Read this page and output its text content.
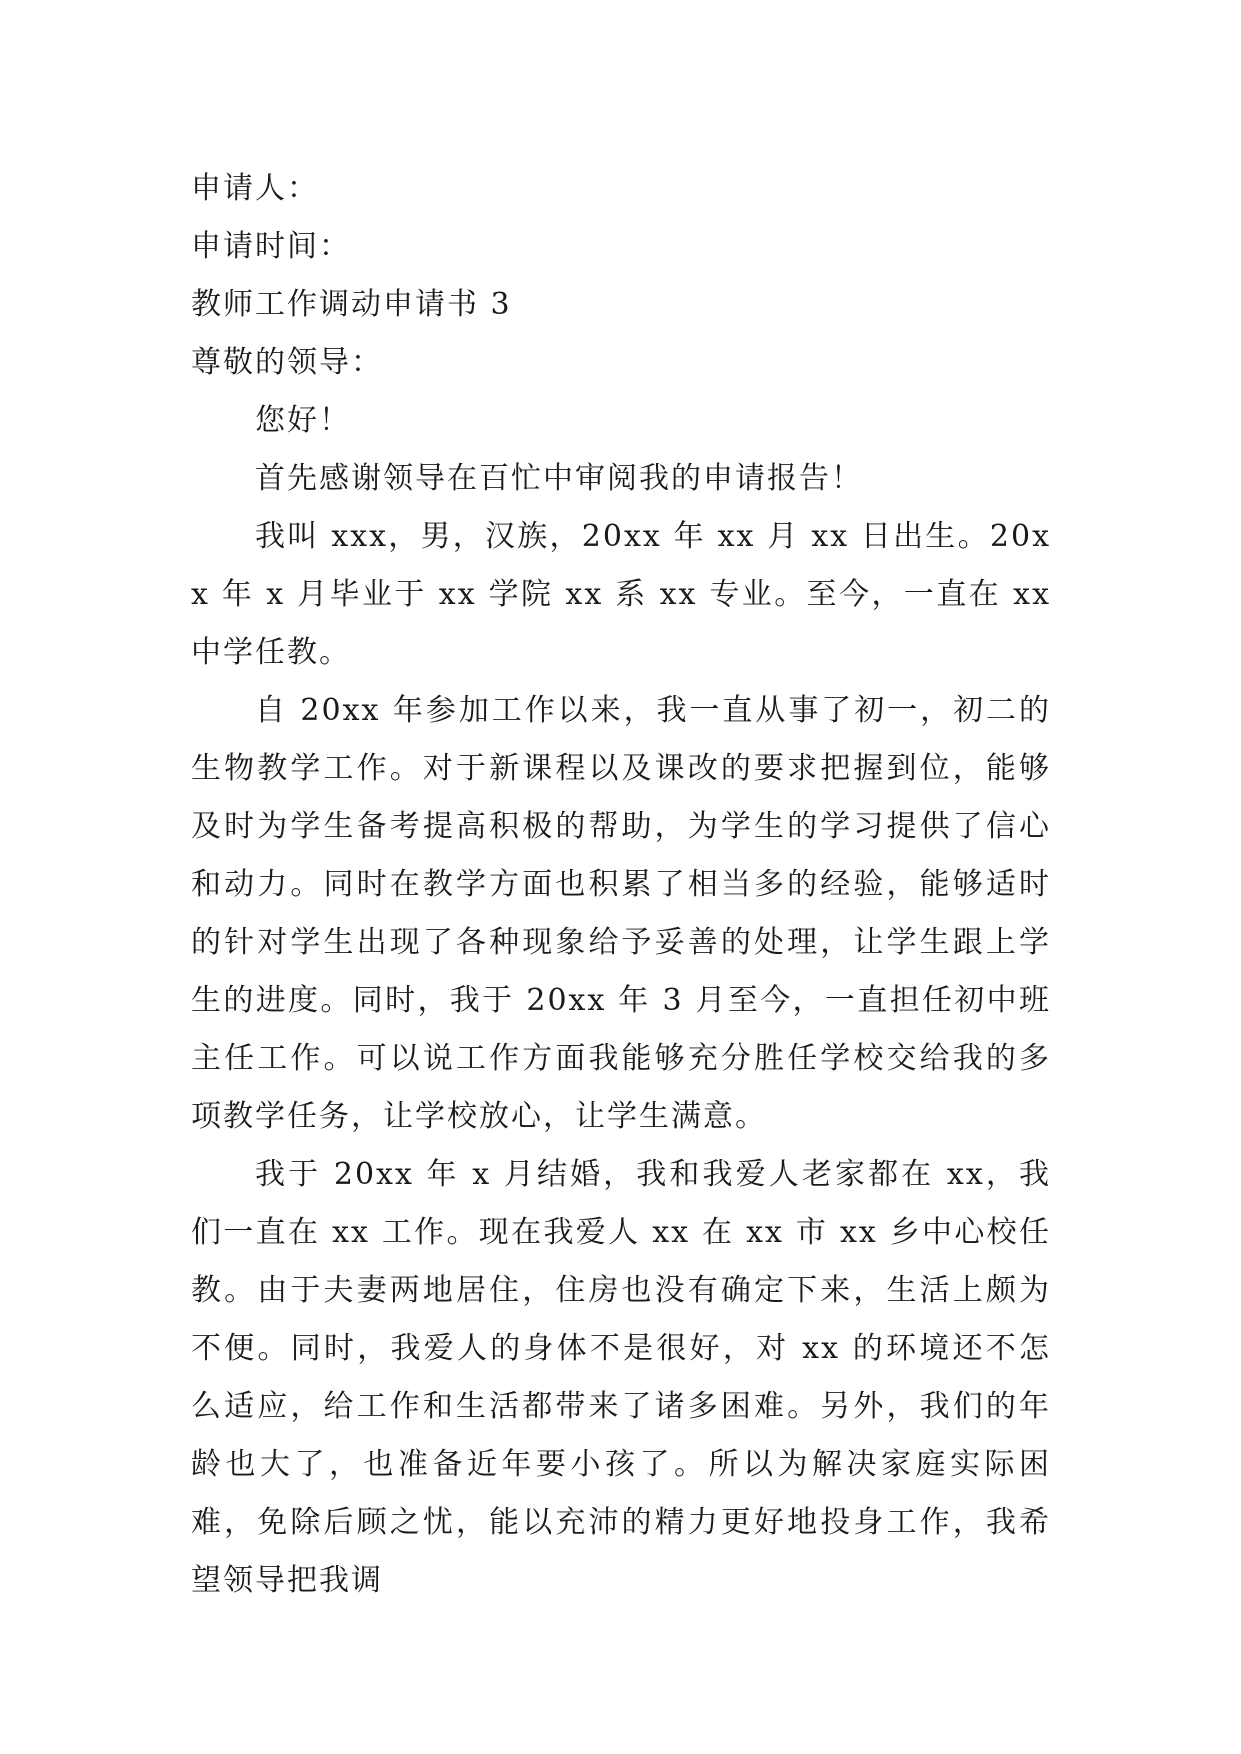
申请人：

申请时间：

教师工作调动申请书 3

尊敬的领导：

您好！

首先感谢领导在百忙中审阅我的申请报告！

我叫 xxx，男，汉族，20xx 年 xx 月 xx 日出生。20xx 年 x 月毕业于 xx 学院 xx 系 xx 专业。至今，一直在 xx 中学任教。

自 20xx 年参加工作以来，我一直从事了初一，初二的生物教学工作。对于新课程以及课改的要求把握到位，能够及时为学生备考提高积极的帮助，为学生的学习提供了信心和动力。同时在教学方面也积累了相当多的经验，能够适时的针对学生出现了各种现象给予妥善的处理，让学生跟上学生的进度。同时，我于 20xx 年 3 月至今，一直担任初中班主任工作。可以说工作方面我能够充分胜任学校交给我的多项教学任务，让学校放心，让学生满意。

我于 20xx 年 x 月结婚，我和我爱人老家都在 xx，我们一直在 xx 工作。现在我爱人 xx 在 xx 市 xx 乡中心校任教。由于夫妻两地居住，住房也没有确定下来，生活上颇为不便。同时，我爱人的身体不是很好，对 xx 的环境还不怎么适应，给工作和生活都带来了诸多困难。另外，我们的年龄也大了，也准备近年要小孩了。所以为解决家庭实际困难，免除后顾之忧，能以充沛的精力更好地投身工作，我希望领导把我调
